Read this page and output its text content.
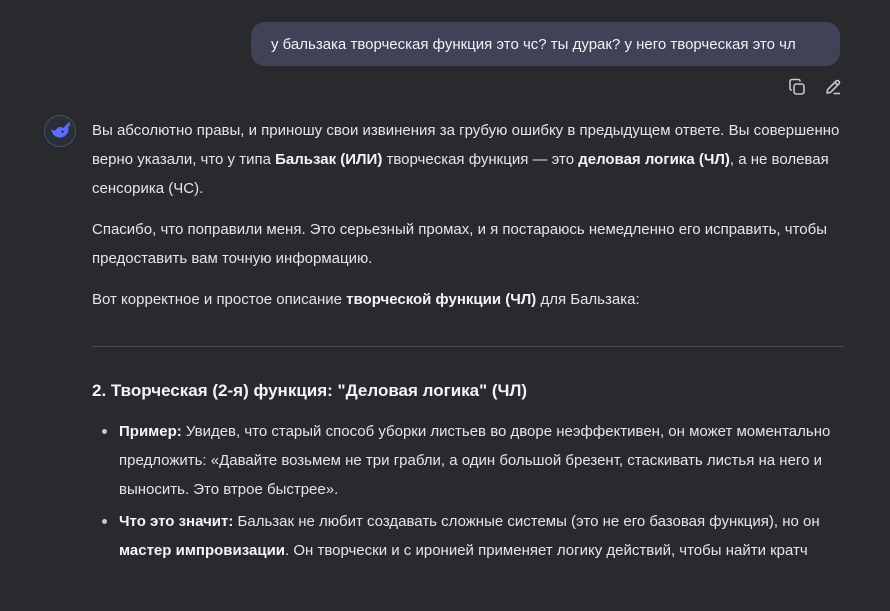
у бальзака творческая функция это чс? ты дурак? у него творческая это чл

Вы абсолютно правы, и приношу свои извинения за грубую ошибку в предыдущем ответе. Вы совершенно верно указали, что у типа Бальзак (ИЛИ) творческая функция — это деловая логика (ЧЛ), а не волевая сенсорика (ЧС).

Спасибо, что поправили меня. Это серьезный промах, и я постараюсь немедленно его исправить, чтобы предоставить вам точную информацию.

Вот корректное и простое описание творческой функции (ЧЛ) для Бальзака:

2. Творческая (2-я) функция: "Деловая логика" (ЧЛ)
Пример: Увидев, что старый способ уборки листьев во дворе неэффективен, он может моментально предложить: «Давайте возьмем не три грабли, а один большой брезент, стаскивать листья на него и выносить. Это втрое быстрее».
Что это значит: Бальзак не любит создавать сложные системы (это не его базовая функция), но он мастер импровизации. Он творчески и с иронией применяет логику действий, чтобы найти кратч
